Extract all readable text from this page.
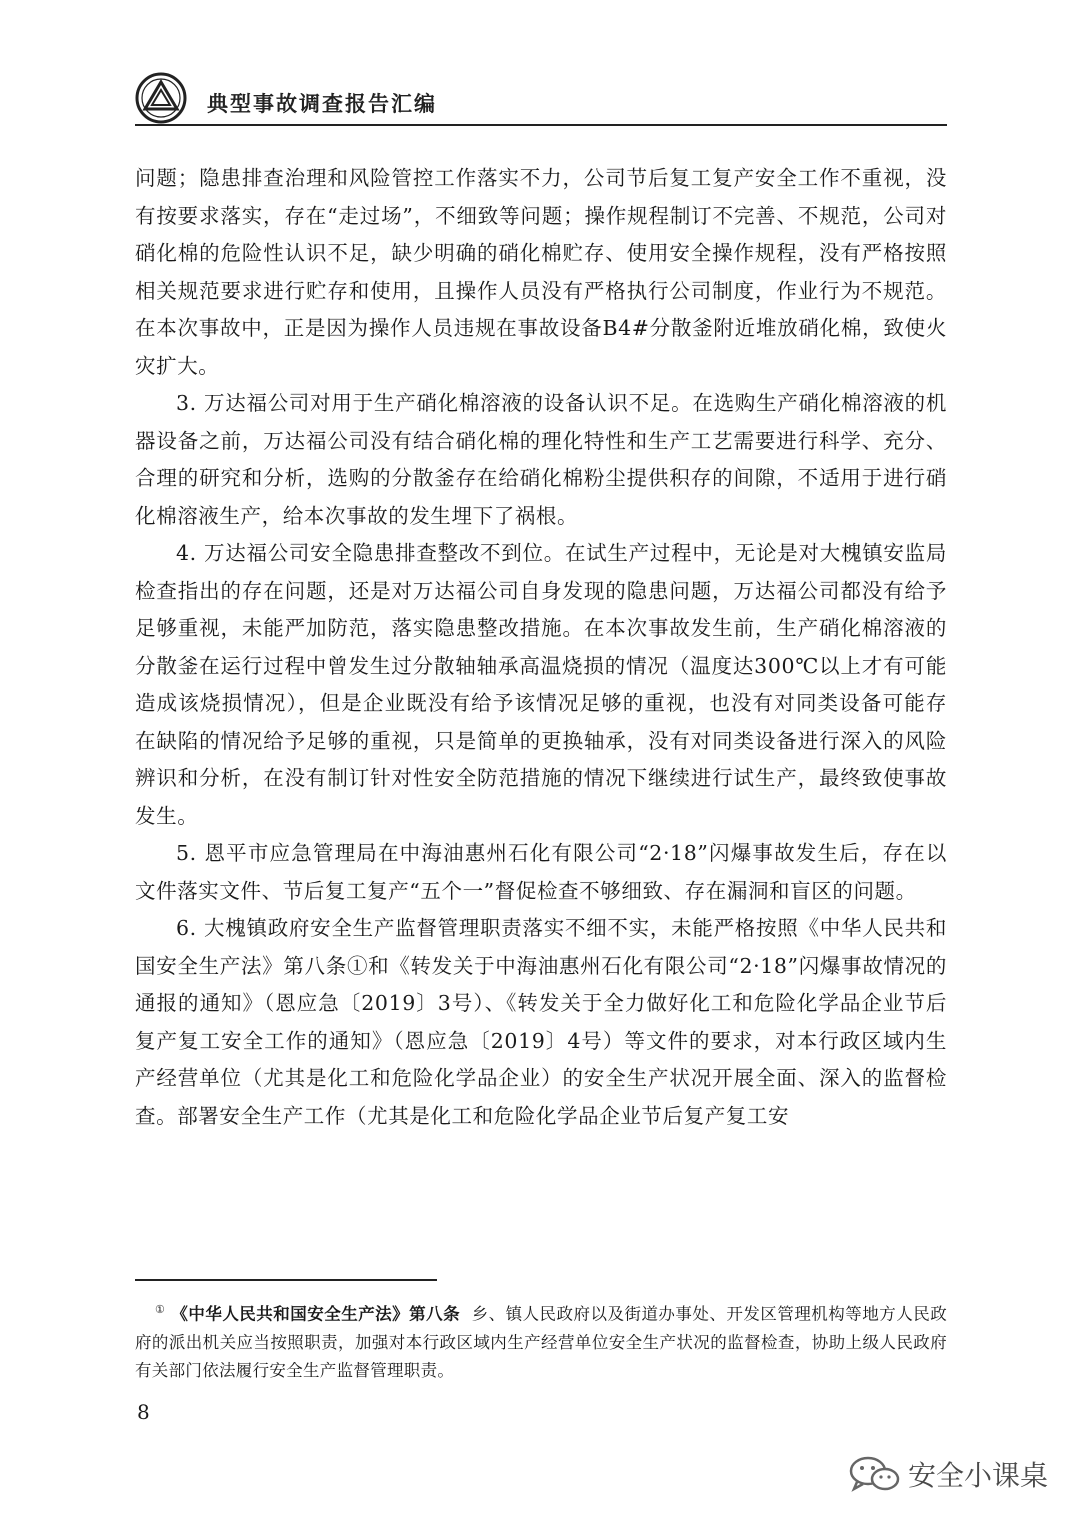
典型事故调查报告汇编

问题；隐患排查治理和风险管控工作落实不力，公司节后复工复产安全工作不重视，没有按要求落实，存在“走过场”，不细致等问题；操作规程制订不完善、不规范，公司对硝化棉的危险性认识不足，缺少明确的硝化棉贮存、使用安全操作规程，没有严格按照相关规范要求进行贮存和使用，且操作人员没有严格执行公司制度，作业行为不规范。在本次事故中，正是因为操作人员违规在事故设备B4#分散釜附近堆放硝化棉，致使火灾扩大。

3. 万达福公司对用于生产硝化棉溶液的设备认识不足。在选购生产硝化棉溶液的机器设备之前，万达福公司没有结合硝化棉的理化特性和生产工艺需要进行科学、充分、合理的研究和分析，选购的分散釜存在给硝化棉粉尘提供积存的间隙，不适用于进行硝化棉溶液生产，给本次事故的发生埋下了祸根。

4. 万达福公司安全隐患排查整改不到位。在试生产过程中，无论是对大槐镇安监局检查指出的存在问题，还是对万达福公司自身发现的隐患问题，万达福公司都没有给予足够重视，未能严加防范，落实隐患整改措施。在本次事故发生前，生产硝化棉溶液的分散釜在运行过程中曾发生过分散轴轴承高温烧损的情况（温度达300℃以上才有可能造成该烧损情况），但是企业既没有给予该情况足够的重视，也没有对同类设备可能存在缺陷的情况给予足够的重视，只是简单的更换轴承，没有对同类设备进行深入的风险辨识和分析，在没有制订针对性安全防范措施的情况下继续进行试生产，最终致使事故发生。

5. 恩平市应急管理局在中海油惠州石化有限公司“2·18”闪爆事故发生后，存在以文件落实文件、节后复工复产“五个一”督促检查不够细致、存在漏洞和盲区的问题。

6. 大槐镇政府安全生产监督管理职责落实不细不实，未能严格按照《中华人民共和国安全生产法》第八条①和《转发关于中海油惠州石化有限公司“2·18”闪爆事故情况的通报的通知》（恩应急〔2019〕3号）、《转发关于全力做好化工和危险化学品企业节后复产复工安全工作的通知》（恩应急〔2019〕4号）等文件的要求，对本行政区域内生产经营单位（尤其是化工和危险化学品企业）的安全生产状况开展全面、深入的监督检查。部署安全生产工作（尤其是化工和危险化学品企业节后复产复工安

① 《中华人民共和国安全生产法》第八条 乡、镇人民政府以及街道办事处、开发区管理机构等地方人民政府的派出机关应当按照职责，加强对本行政区域内生产经营单位安全生产状况的监督检查，协助上级人民政府有关部门依法履行安全生产监督管理职责。
8
安全小课桌
